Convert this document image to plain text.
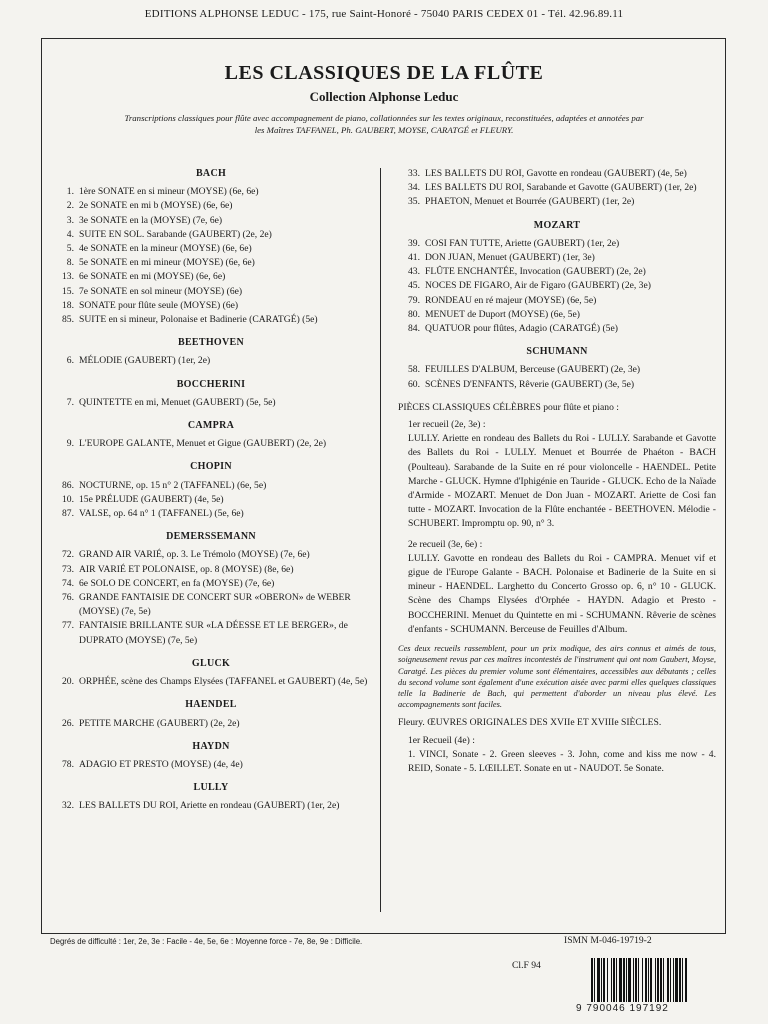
EDITIONS ALPHONSE LEDUC - 175, rue Saint-Honoré - 75040 PARIS CEDEX 01 - Tél. 42.96.89.11
LES CLASSIQUES DE LA FLÛTE
Collection Alphonse Leduc
Transcriptions classiques pour flûte avec accompagnement de piano, collationnées sur les textes originaux, reconstituées, adaptées et annotées par les Maîtres TAFFANEL, Ph. GAUBERT, MOYSE, CARATGÉ et FLEURY.
BACH
1. 1ère SONATE en si mineur (MOYSE) (6e, 6e)
2. 2e SONATE en mi b (MOYSE) (6e, 6e)
3. 3e SONATE en la (MOYSE) (7e, 6e)
4. SUITE EN SOL. Sarabande (GAUBERT) (2e, 2e)
5. 4e SONATE en la mineur (MOYSE) (6e, 6e)
8. 5e SONATE en mi mineur (MOYSE) (6e, 6e)
13. 6e SONATE en mi (MOYSE) (6e, 6e)
15. 7e SONATE en sol mineur (MOYSE) (6e)
18. SONATE pour flûte seule (MOYSE) (6e)
85. SUITE en si mineur, Polonaise et Badinerie (CARATGÉ) (5e)
BEETHOVEN
6. MÉLODIE (GAUBERT) (1er, 2e)
BOCCHERINI
7. QUINTETTE en mi, Menuet (GAUBERT) (5e, 5e)
CAMPRA
9. L'EUROPE GALANTE, Menuet et Gigue (GAUBERT) (2e, 2e)
CHOPIN
86. NOCTURNE, op. 15 n° 2 (TAFFANEL) (6e, 5e)
10. 15e PRÉLUDE (GAUBERT) (4e, 5e)
87. VALSE, op. 64 n° 1 (TAFFANEL) (5e, 6e)
DEMERSSEMANN
72. GRAND AIR VARIÉ, op. 3. Le Trémolo (MOYSE) (7e, 6e)
73. AIR VARIÉ ET POLONAISE, op. 8 (MOYSE) (8e, 6e)
74. 6e SOLO DE CONCERT, en fa (MOYSE) (7e, 6e)
76. GRANDE FANTAISIE DE CONCERT SUR «OBERON» de WEBER (MOYSE) (7e, 5e)
77. FANTAISIE BRILLANTE SUR «LA DÉESSE ET LE BERGER», de DUPRATO (MOYSE) (7e, 5e)
GLUCK
20. ORPHÉE, scène des Champs Elysées (TAFFANEL et GAUBERT) (4e, 5e)
HAENDEL
26. PETITE MARCHE (GAUBERT) (2e, 2e)
HAYDN
78. ADAGIO ET PRESTO (MOYSE) (4e, 4e)
LULLY
32. LES BALLETS DU ROI, Ariette en rondeau (GAUBERT) (1er, 2e)
33. LES BALLETS DU ROI, Gavotte en rondeau (GAUBERT) (4e, 5e)
34. LES BALLETS DU ROI, Sarabande et Gavotte (GAUBERT) (1er, 2e)
35. PHAETON, Menuet et Bourrée (GAUBERT) (1er, 2e)
MOZART
39. COSI FAN TUTTE, Ariette (GAUBERT) (1er, 2e)
41. DON JUAN, Menuet (GAUBERT) (1er, 3e)
43. FLÛTE ENCHANTÉE, Invocation (GAUBERT) (2e, 2e)
45. NOCES DE FIGARO, Air de Figaro (GAUBERT) (2e, 3e)
79. RONDEAU en ré majeur (MOYSE) (6e, 5e)
80. MENUET de Duport (MOYSE) (6e, 5e)
84. QUATUOR pour flûtes, Adagio (CARATGÉ) (5e)
SCHUMANN
58. FEUILLES D'ALBUM, Berceuse (GAUBERT) (2e, 3e)
60. SCÈNES D'ENFANTS, Rêverie (GAUBERT) (3e, 5e)
PIÈCES CLASSIQUES CÉLÈBRES pour flûte et piano :
1er recueil (2e, 3e) :
LULLY. Ariette en rondeau des Ballets du Roi - LULLY. Sarabande et Gavotte des Ballets du Roi - LULLY. Menuet et Bourrée de Phaéton - BACH (Poulteau). Sarabande de la Suite en ré pour violoncelle - HAENDEL. Petite Marche - GLUCK. Hymne d'Iphigénie en Tauride - GLUCK. Echo de la Naïade d'Armide - MOZART. Menuet de Don Juan - MOZART. Ariette de Cosi fan tutte - MOZART. Invocation de la Flûte enchantée - BEETHOVEN. Mélodie - SCHUBERT. Impromptu op. 90, n° 3.
2e recueil (3e, 6e) :
LULLY. Gavotte en rondeau des Ballets du Roi - CAMPRA. Menuet vif et gigue de l'Europe Galante - BACH. Polonaise et Badinerie de la Suite en si mineur - HAENDEL. Larghetto du Concerto Grosso op. 6, n° 10 - GLUCK. Scène des Champs Elysées d'Orphée - HAYDN. Adagio et Presto - BOCCHERINI. Menuet du Quintette en mi - SCHUMANN. Rêverie de scènes d'enfants - SCHUMANN. Berceuse de Feuilles d'Album.
Ces deux recueils rassemblent, pour un prix modique, des airs connus et aimés de tous, soigneusement revus par ces maîtres incontestés de l'instrument qui ont nom Gaubert, Moyse, Caratgé. Les pièces du premier volume sont élémentaires, accessibles aux débutants ; celles du second volume sont également d'une exécution aisée avec parmi elles quelques classiques telle la Badinerie de Bach, qui permettent d'aborder un niveau plus élevé. Les accompagnements sont faciles.
Fleury. ŒUVRES ORIGINALES DES XVIIe ET XVIIIe SIÈCLES.
1er Recueil (4e) :
1. VINCI, Sonate - 2. Green sleeves - 3. John, come and kiss me now - 4. REID, Sonate - 5. LŒILLET. Sonate en ut - NAUDOT. 5e Sonate.
Degrés de difficulté : 1er, 2e, 3e : Facile - 4e, 5e, 6e : Moyenne force - 7e, 8e, 9e : Difficile.	ISMN M-046-19719-2
Cl.F 94
9 790046 197192
